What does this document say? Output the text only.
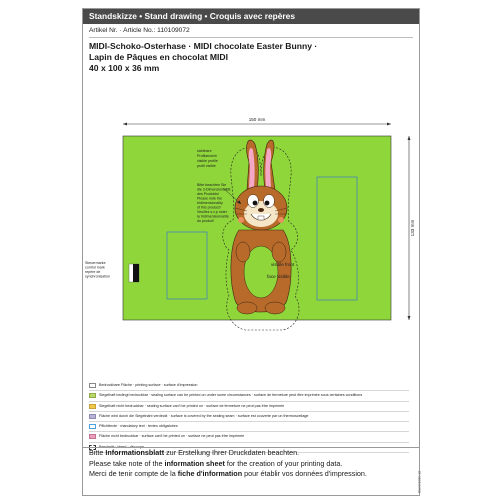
Standskizze • Stand drawing • Croquis avec repères
Artikel Nr. · Article No.: 110109072
MIDI-Schoko-Osterhase · MIDI chocolate Easter Bunny ·
Lapin de Pâques en chocolat MIDI
40 x 100 x 36 mm
150 mm
133 mm
Steuermarke control mark repère de synchronisation
visible front
face visible
sichtbare Profilansicht visible profile profil visible
Bitte beachten Sie die 3-Dimensionalität des Produkts! Please note the tridimensionality of this product! Veuillez s.v.p noter la tridimensionnalité du produit!
Bedruckbare Fläche · printing surface · surface d'impression
Siegelhaft bedingt bedruckbar · sealing surface can be printed on under some circumstances · surface de fermeture peut être imprimée sous certaines conditions
Siegelhaft nicht bedruckbar · sealing surface can't be printed on · surface de fermeture ne peut pas être imprimée
Fläche wird durch die Siegelnaht verdeckt · surface is covered by the sealing seam · surface est couverte par un thermoscellage
Pflichttexte · mandatory text · textes obligatoires
Fläche nicht bedruckbar · surface can't be printed on · surface ne peut pas être imprimée
Beschnitt · bleed · découpe
Bitte Informationsblatt zur Erstellung Ihrer Druckdaten beachten.
Please take note of the information sheet for the creation of your printing data.
Merci de tenir compte de la fiche d'information pour établir vos données d'impression.	Stand 2020-12
